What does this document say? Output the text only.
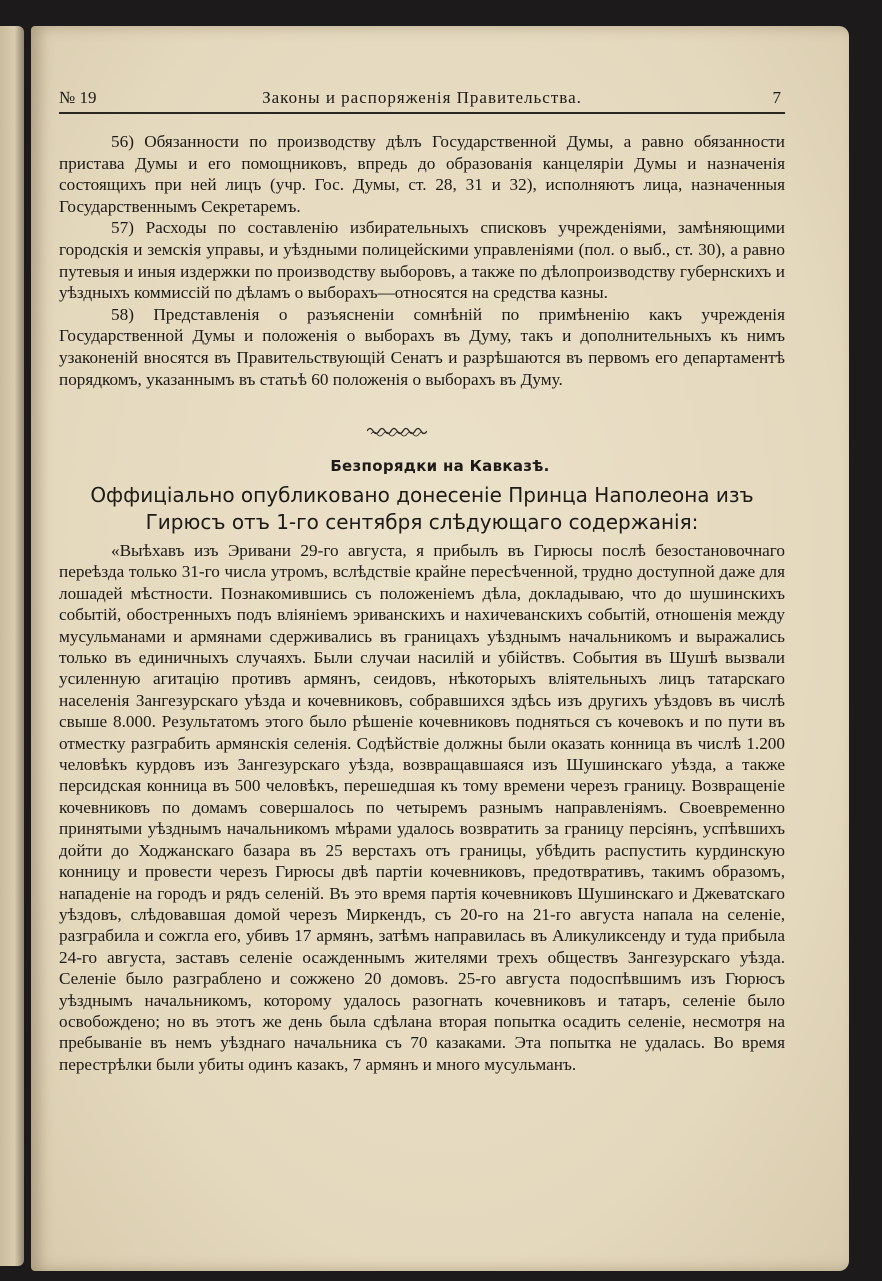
№ 19	Законы и распоряженія Правительства.	7

56) Обязанности по производству дѣлъ Государственной Думы, а равно обязанности пристава Думы и его помощниковъ, впредь до образованія канцеляріи Думы и назначенія состоящихъ при ней лицъ (учр. Гос. Думы, ст. 28, 31 и 32), исполняютъ лица, назначенныя Государственнымъ Секретаремъ.

57) Расходы по составленію избирательныхъ списковъ учрежденіями, замѣняющими городскія и земскія управы, и уѣздными полицейскими управленіями (пол. о выб., ст. 30), а равно путевыя и иныя издержки по производству выборовъ, а также по дѣлопроизводству губернскихъ и уѣздныхъ коммиссій по дѣламъ о выборахъ—относятся на средства казны.

58) Представленія о разъясненіи сомнѣній по примѣненію какъ учрежденія Государственной Думы и положенія о выборахъ въ Думу, такъ и дополнительныхъ къ нимъ узаконеній вносятся въ Правительствующій Сенатъ и разрѣшаются въ первомъ его департаментѣ порядкомъ, указаннымъ въ статьѣ 60 положенія о выборахъ въ Думу.

Безпорядки на Кавказѣ.
Оффиціально опубликовано донесеніе Принца Наполеона изъ Гирюсъ отъ 1-го сентября слѣдующаго содержанія:

«Выѣхавъ изъ Эривани 29-го августа, я прибылъ въ Гирюсы послѣ безостановочнаго переѣзда только 31-го числа утромъ, вслѣдствіе крайне пересѣченной, трудно доступной даже для лошадей мѣстности. Познакомившись съ положеніемъ дѣла, докладываю, что до шушинскихъ событій, обостренныхъ подъ вліяніемъ эриванскихъ и нахичеванскихъ событій, отношенія между мусульманами и армянами сдерживались въ границахъ уѣзднымъ начальникомъ и выражались только въ единичныхъ случаяхъ. Были случаи насилій и убійствъ. События въ Шушѣ вызвали усиленную агитацію противъ армянъ, сеидовъ, нѣкоторыхъ вліятельныхъ лицъ татарскаго населенія Зангезурскаго уѣзда и кочевниковъ, собравшихся здѣсь изъ другихъ уѣздовъ въ числѣ свыше 8.000. Результатомъ этого было рѣшеніе кочевниковъ подняться съ кочевокъ и по пути въ отместку разграбить армянскія селенія. Содѣйствіе должны были оказать конница въ числѣ 1.200 человѣкъ курдовъ изъ Зангезурскаго уѣзда, возвращавшаяся изъ Шушинскаго уѣзда, а также персидская конница въ 500 человѣкъ, перешедшая къ тому времени черезъ границу. Возвращеніе кочевниковъ по домамъ совершалось по четыремъ разнымъ направленіямъ. Своевременно принятыми уѣзднымъ начальникомъ мѣрами удалось возвратить за границу персіянъ, успѣвшихъ дойти до Ходжанскаго базара въ 25 верстахъ отъ границы, убѣдить распустить курдинскую конницу и провести черезъ Гирюсы двѣ партіи кочевниковъ, предотвративъ, такимъ образомъ, нападеніе на городъ и рядъ селеній. Въ это время партія кочевниковъ Шушинскаго и Джеватскаго уѣздовъ, слѣдовавшая домой черезъ Миркендъ, съ 20-го на 21-го августа напала на селеніе, разграбила и сожгла его, убивъ 17 армянъ, затѣмъ направилась въ Аликуликсенду и туда прибыла 24-го августа, заставъ селеніе осажденнымъ жителями трехъ обществъ Зангезурскаго уѣзда. Селеніе было разграблено и сожжено 20 домовъ. 25-го августа подоспѣвшимъ изъ Гюрюсъ уѣзднымъ начальникомъ, которому удалось разогнать кочевниковъ и татаръ, селеніе было освобождено; но въ этотъ же день была сдѣлана вторая попытка осадить селеніе, несмотря на пребываніе въ немъ уѣзднаго начальника съ 70 казаками. Эта попытка не удалась. Во время перестрѣлки были убиты одинъ казакъ, 7 армянъ и много мусульманъ.
